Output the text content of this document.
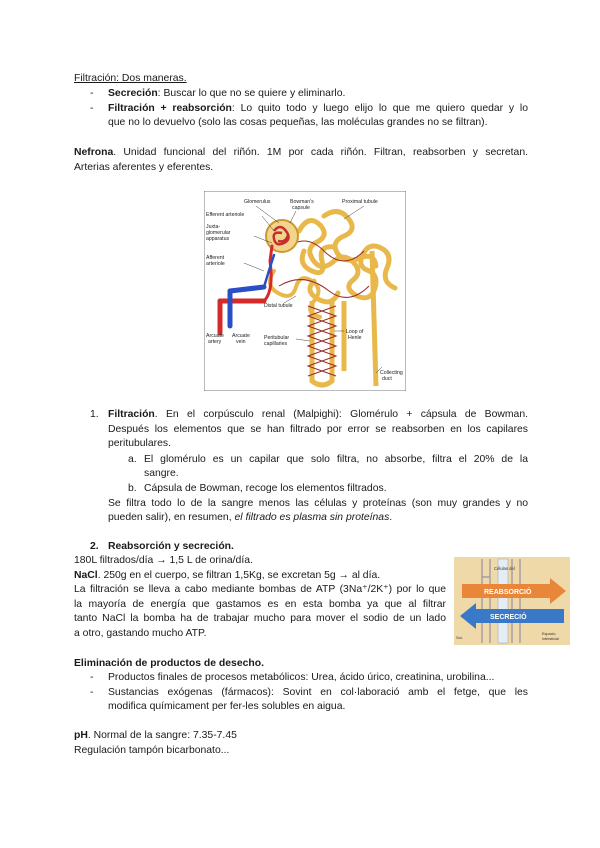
Filtración: Dos maneras.
- Secreción: Buscar lo que no se quiere y eliminarlo.
- Filtración + reabsorción: Lo quito todo y luego elijo lo que me quiero quedar y lo
que no lo devuelvo (solo las cosas pequeñas, las moléculas grandes no se filtran).
Nefrona. Unidad funcional del riñón. 1M por cada riñón. Filtran, reabsorben y secretan.
Arterias aferentes y eferentes.
Glomerulus	Bowman's
capsule
Proximal tubule
Efferent arteriole
Juxta-
glomerular
apparatus
Afferent
arteriole
Distal tubule
Arcuate
artery
Arcuate
vein
Peritubular
capillaries
Loop of
Henle
Collecting
duct
1. Filtración. En el corpúsculo renal (Malpighi): Glomérulo + cápsula de Bowman.
Después los elementos que se han filtrado por error se reabsorben en los capilares
peritubulares.
a. El glomérulo es un capilar que solo filtra, no absorbe, filtra el 20% de la
sangre.
b. Cápsula de Bowman, recoge los elementos filtrados.
Se filtra todo lo de la sangre menos las células y proteínas (son muy grandes y no
pueden salir), en resumen, el filtrado es plasma sin proteínas.
2. Reabsorción y secreción.
180L filtrados/día → 1,5 L de orina/día.
NaCl. 250g en el cuerpo, se filtran 1,5Kg, se excretan 5g → al día.
La filtración se lleva a cabo mediante bombas de ATP (3Na⁺/2K⁺) por lo que
la mayoría de energía que gastamos es en esta bomba ya que al filtrar
tanto NaCl la bomba ha de trabajar mucho para mover el sodio de un lado
a otro, gastando mucho ATP.
Células del
REABSORCIÓ
SECRECIÓ
Sol.
Espacio
intersticial
Eliminación de productos de desecho.
- Productos finales de procesos metabólicos: Urea, ácido úrico, creatinina, urobilina...
- Sustancias exógenas (fármacos): Sovint en col·laboració amb el fetge, que les
modifica químicament per fer-les solubles en aigua.
pH. Normal de la sangre: 7.35-7.45
Regulación tampón bicarbonato...
